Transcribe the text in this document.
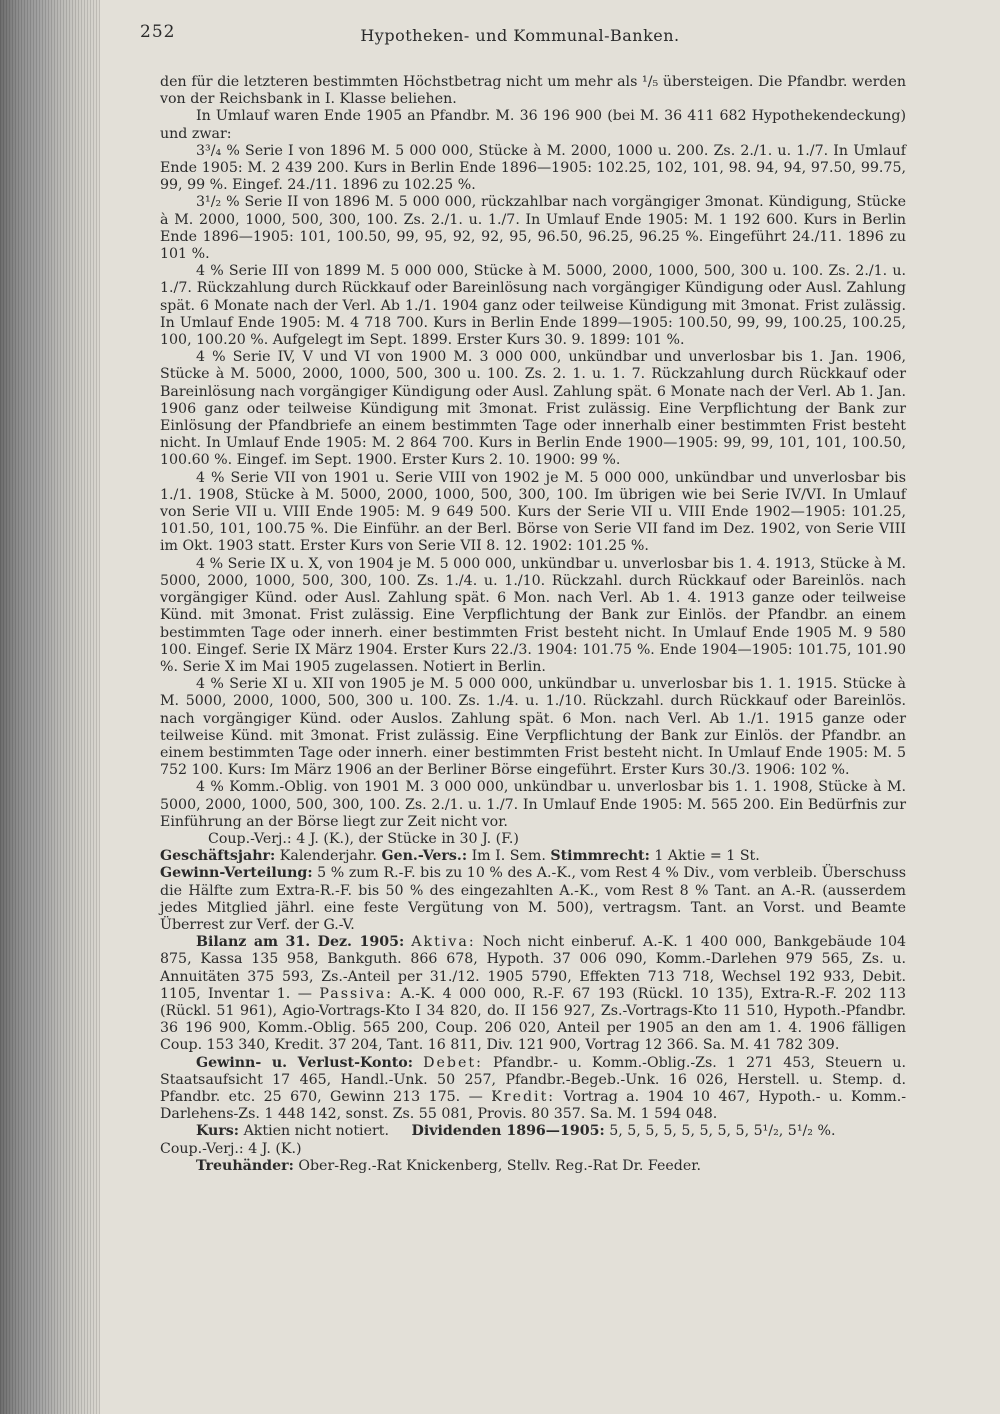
252	Hypotheken- und Kommunal-Banken.

den für die letzteren bestimmten Höchstbetrag nicht um mehr als ¹/₅ übersteigen. Die Pfandbr. werden von der Reichsbank in I. Klasse beliehen.

In Umlauf waren Ende 1905 an Pfandbr. M. 36 196 900 (bei M. 36 411 682 Hypothekendeckung) und zwar:

3³/₄ % Serie I von 1896 M. 5 000 000, Stücke à M. 2000, 1000 u. 200. Zs. 2./1. u. 1./7. In Umlauf Ende 1905: M. 2 439 200. Kurs in Berlin Ende 1896—1905: 102.25, 102, 101, 98. 94, 94, 97.50, 99.75, 99, 99 %. Eingef. 24./11. 1896 zu 102.25 %.

3¹/₂ % Serie II von 1896 M. 5 000 000, rückzahlbar nach vorgängiger 3monat. Kündigung, Stücke à M. 2000, 1000, 500, 300, 100. Zs. 2./1. u. 1./7. In Umlauf Ende 1905: M. 1 192 600. Kurs in Berlin Ende 1896—1905: 101, 100.50, 99, 95, 92, 92, 95, 96.50, 96.25, 96.25 %. Eingeführt 24./11. 1896 zu 101 %.

4 % Serie III von 1899 M. 5 000 000, Stücke à M. 5000, 2000, 1000, 500, 300 u. 100. Zs. 2./1. u. 1./7. Rückzahlung durch Rückkauf oder Bareinlösung nach vorgängiger Kündigung oder Ausl. Zahlung spät. 6 Monate nach der Verl. Ab 1./1. 1904 ganz oder teilweise Kündigung mit 3monat. Frist zulässig. In Umlauf Ende 1905: M. 4 718 700. Kurs in Berlin Ende 1899—1905: 100.50, 99, 99, 100.25, 100.25, 100, 100.20 %. Aufgelegt im Sept. 1899. Erster Kurs 30. 9. 1899: 101 %.

4 % Serie IV, V und VI von 1900 M. 3 000 000, unkündbar und unverlosbar bis 1. Jan. 1906, Stücke à M. 5000, 2000, 1000, 500, 300 u. 100. Zs. 2. 1. u. 1. 7. Rückzahlung durch Rückkauf oder Bareinlösung nach vorgängiger Kündigung oder Ausl. Zahlung spät. 6 Monate nach der Verl. Ab 1. Jan. 1906 ganz oder teilweise Kündigung mit 3monat. Frist zulässig. Eine Verpflichtung der Bank zur Einlösung der Pfandbriefe an einem bestimmten Tage oder innerhalb einer bestimmten Frist besteht nicht. In Umlauf Ende 1905: M. 2 864 700. Kurs in Berlin Ende 1900—1905: 99, 99, 101, 101, 100.50, 100.60 %. Eingef. im Sept. 1900. Erster Kurs 2. 10. 1900: 99 %.

4 % Serie VII von 1901 u. Serie VIII von 1902 je M. 5 000 000, unkündbar und unverlosbar bis 1./1. 1908, Stücke à M. 5000, 2000, 1000, 500, 300, 100. Im übrigen wie bei Serie IV/VI. In Umlauf von Serie VII u. VIII Ende 1905: M. 9 649 500. Kurs der Serie VII u. VIII Ende 1902—1905: 101.25, 101.50, 101, 100.75 %. Die Einführ. an der Berl. Börse von Serie VII fand im Dez. 1902, von Serie VIII im Okt. 1903 statt. Erster Kurs von Serie VII 8. 12. 1902: 101.25 %.

4 % Serie IX u. X, von 1904 je M. 5 000 000, unkündbar u. unverlosbar bis 1. 4. 1913, Stücke à M. 5000, 2000, 1000, 500, 300, 100. Zs. 1./4. u. 1./10. Rückzahl. durch Rückkauf oder Bareinlös. nach vorgängiger Künd. oder Ausl. Zahlung spät. 6 Mon. nach Verl. Ab 1. 4. 1913 ganze oder teilweise Künd. mit 3monat. Frist zulässig. Eine Verpflichtung der Bank zur Einlös. der Pfandbr. an einem bestimmten Tage oder innerh. einer bestimmten Frist besteht nicht. In Umlauf Ende 1905 M. 9 580 100. Eingef. Serie IX März 1904. Erster Kurs 22./3. 1904: 101.75 %. Ende 1904—1905: 101.75, 101.90 %. Serie X im Mai 1905 zugelassen. Notiert in Berlin.

4 % Serie XI u. XII von 1905 je M. 5 000 000, unkündbar u. unverlosbar bis 1. 1. 1915. Stücke à M. 5000, 2000, 1000, 500, 300 u. 100. Zs. 1./4. u. 1./10. Rückzahl. durch Rückkauf oder Bareinlös. nach vorgängiger Künd. oder Auslos. Zahlung spät. 6 Mon. nach Verl. Ab 1./1. 1915 ganze oder teilweise Künd. mit 3monat. Frist zulässig. Eine Verpflichtung der Bank zur Einlös. der Pfandbr. an einem bestimmten Tage oder innerh. einer bestimmten Frist besteht nicht. In Umlauf Ende 1905: M. 5 752 100. Kurs: Im März 1906 an der Berliner Börse eingeführt. Erster Kurs 30./3. 1906: 102 %.

4 % Komm.-Oblig. von 1901 M. 3 000 000, unkündbar u. unverlosbar bis 1. 1. 1908, Stücke à M. 5000, 2000, 1000, 500, 300, 100. Zs. 2./1. u. 1./7. In Umlauf Ende 1905: M. 565 200. Ein Bedürfnis zur Einführung an der Börse liegt zur Zeit nicht vor.

Coup.-Verj.: 4 J. (K.), der Stücke in 30 J. (F.)

Geschäftsjahr: Kalenderjahr. Gen.-Vers.: Im I. Sem. Stimmrecht: 1 Aktie = 1 St.

Gewinn-Verteilung: 5 % zum R.-F. bis zu 10 % des A.-K., vom Rest 4 % Div., vom verbleib. Überschuss die Hälfte zum Extra-R.-F. bis 50 % des eingezahlten A.-K., vom Rest 8 % Tant. an A.-R. (ausserdem jedes Mitglied jährl. eine feste Vergütung von M. 500), vertragsm. Tant. an Vorst. und Beamte Überrest zur Verf. der G.-V.

Bilanz am 31. Dez. 1905: Aktiva: Noch nicht einberuf. A.-K. 1 400 000, Bankgebäude 104 875, Kassa 135 958, Bankguth. 866 678, Hypoth. 37 006 090, Komm.-Darlehen 979 565, Zs. u. Annuitäten 375 593, Zs.-Anteil per 31./12. 1905 5790, Effekten 713 718, Wechsel 192 933, Debit. 1105, Inventar 1. — Passiva: A.-K. 4 000 000, R.-F. 67 193 (Rückl. 10 135), Extra-R.-F. 202 113 (Rückl. 51 961), Agio-Vortrags-Kto I 34 820, do. II 156 927, Zs.-Vortrags-Kto 11 510, Hypoth.-Pfandbr. 36 196 900, Komm.-Oblig. 565 200, Coup. 206 020, Anteil per 1905 an den am 1. 4. 1906 fälligen Coup. 153 340, Kredit. 37 204, Tant. 16 811, Div. 121 900, Vortrag 12 366. Sa. M. 41 782 309.

Gewinn- u. Verlust-Konto: Debet: Pfandbr.- u. Komm.-Oblig.-Zs. 1 271 453, Steuern u. Staatsaufsicht 17 465, Handl.-Unk. 50 257, Pfandbr.-Begeb.-Unk. 16 026, Herstell. u. Stemp. d. Pfandbr. etc. 25 670, Gewinn 213 175. — Kredit: Vortrag a. 1904 10 467, Hypoth.- u. Komm.-Darlehens-Zs. 1 448 142, sonst. Zs. 55 081, Provis. 80 357. Sa. M. 1 594 048.

Kurs: Aktien nicht notiert. Dividenden 1896—1905: 5, 5, 5, 5, 5, 5, 5, 5, 5¹/₂, 5¹/₂ %.

Coup.-Verj.: 4 J. (K.)

Treuhänder: Ober-Reg.-Rat Knickenberg, Stellv. Reg.-Rat Dr. Feeder.
